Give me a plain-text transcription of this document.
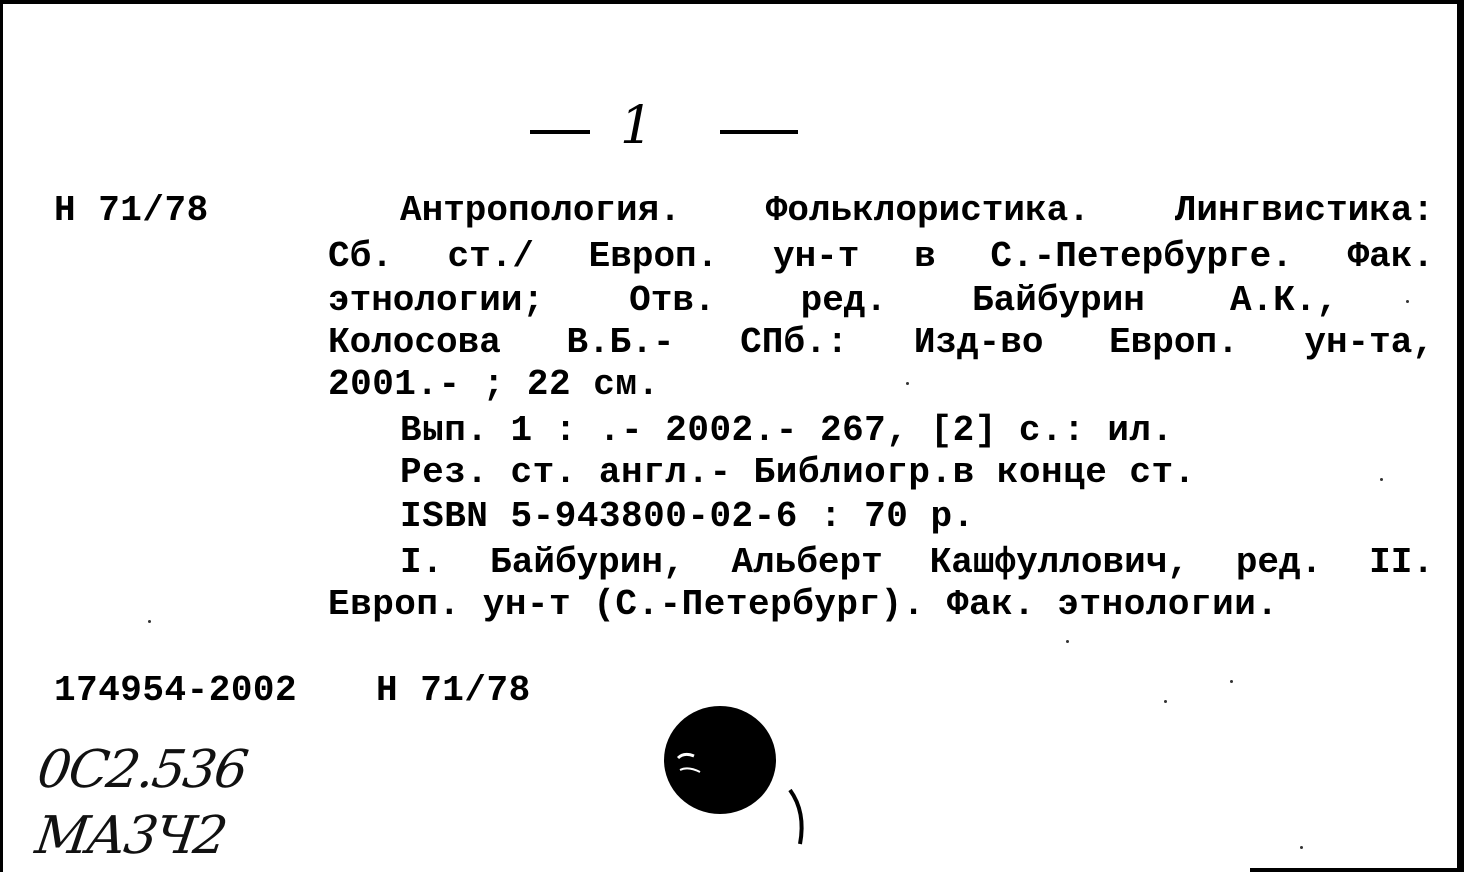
1
Н 71/78	Антропология. Фольклористика. Лингвистика:
Сб. ст./ Европ. ун-т в С.-Петербурге. Фак.
этнологии; Отв. ред. Байбурин А.К.,
Колосова В.Б.- СПб.: Изд-во Европ. ун-та,
2001.- ; 22 см.
Вып. 1 : .- 2002.- 267, [2] с.: ил.
Рез. ст. англ.- Библиогр.в конце ст.
ISBN 5-943800-02-6 : 70 р.
I. Байбурин, Альберт Кашфуллович, ред. II.
Европ. ун-т (С.-Петербург). Фак. этнологии.
174954-2002 Н 71/78
0С2.536
МА3Ч2
